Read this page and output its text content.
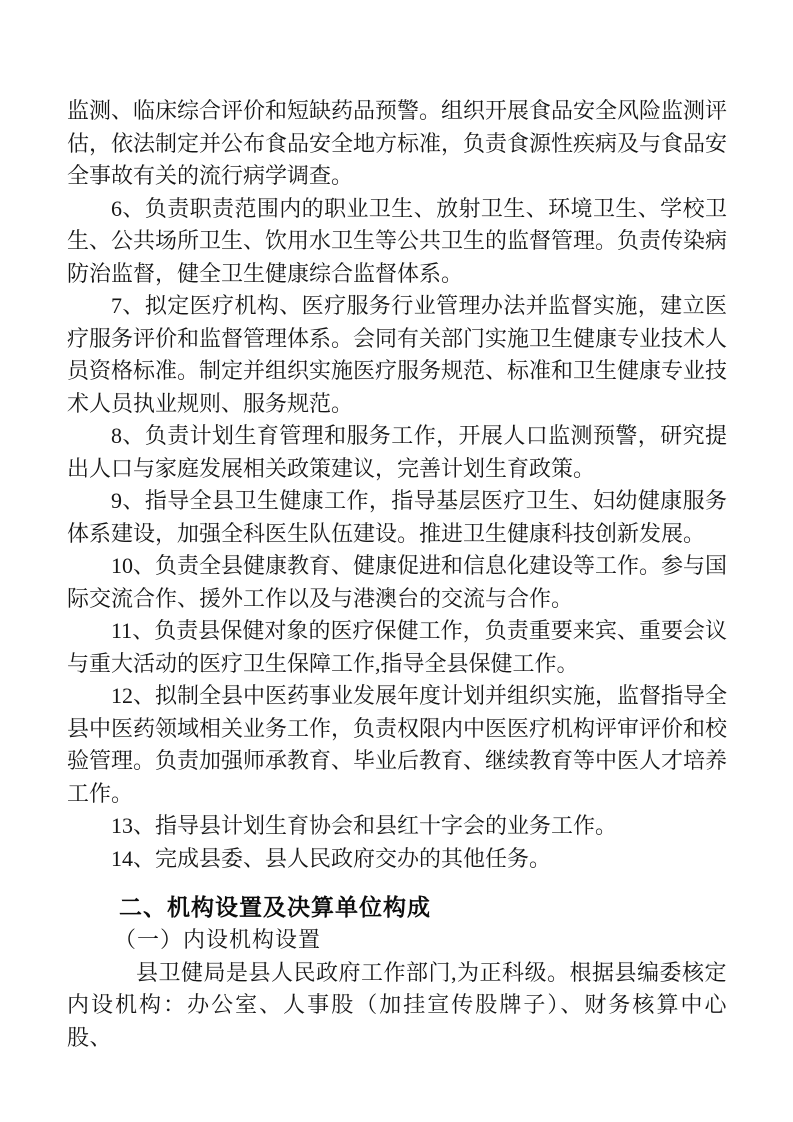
监测、临床综合评价和短缺药品预警。组织开展食品安全风险监测评估，依法制定并公布食品安全地方标准，负责食源性疾病及与食品安全事故有关的流行病学调查。

6、负责职责范围内的职业卫生、放射卫生、环境卫生、学校卫生、公共场所卫生、饮用水卫生等公共卫生的监督管理。负责传染病防治监督，健全卫生健康综合监督体系。

7、拟定医疗机构、医疗服务行业管理办法并监督实施，建立医疗服务评价和监督管理体系。会同有关部门实施卫生健康专业技术人员资格标准。制定并组织实施医疗服务规范、标准和卫生健康专业技术人员执业规则、服务规范。

8、负责计划生育管理和服务工作，开展人口监测预警，研究提出人口与家庭发展相关政策建议，完善计划生育政策。

9、指导全县卫生健康工作，指导基层医疗卫生、妇幼健康服务体系建设，加强全科医生队伍建设。推进卫生健康科技创新发展。

10、负责全县健康教育、健康促进和信息化建设等工作。参与国际交流合作、援外工作以及与港澳台的交流与合作。

11、负责县保健对象的医疗保健工作，负责重要来宾、重要会议与重大活动的医疗卫生保障工作,指导全县保健工作。

12、拟制全县中医药事业发展年度计划并组织实施，监督指导全县中医药领域相关业务工作，负责权限内中医医疗机构评审评价和校验管理。负责加强师承教育、毕业后教育、继续教育等中医人才培养工作。

13、指导县计划生育协会和县红十字会的业务工作。

14、完成县委、县人民政府交办的其他任务。

二、机构设置及决算单位构成

（一）内设机构设置

县卫健局是县人民政府工作部门,为正科级。根据县编委核定内设机构：办公室、人事股（加挂宣传股牌子）、财务核算中心股、
